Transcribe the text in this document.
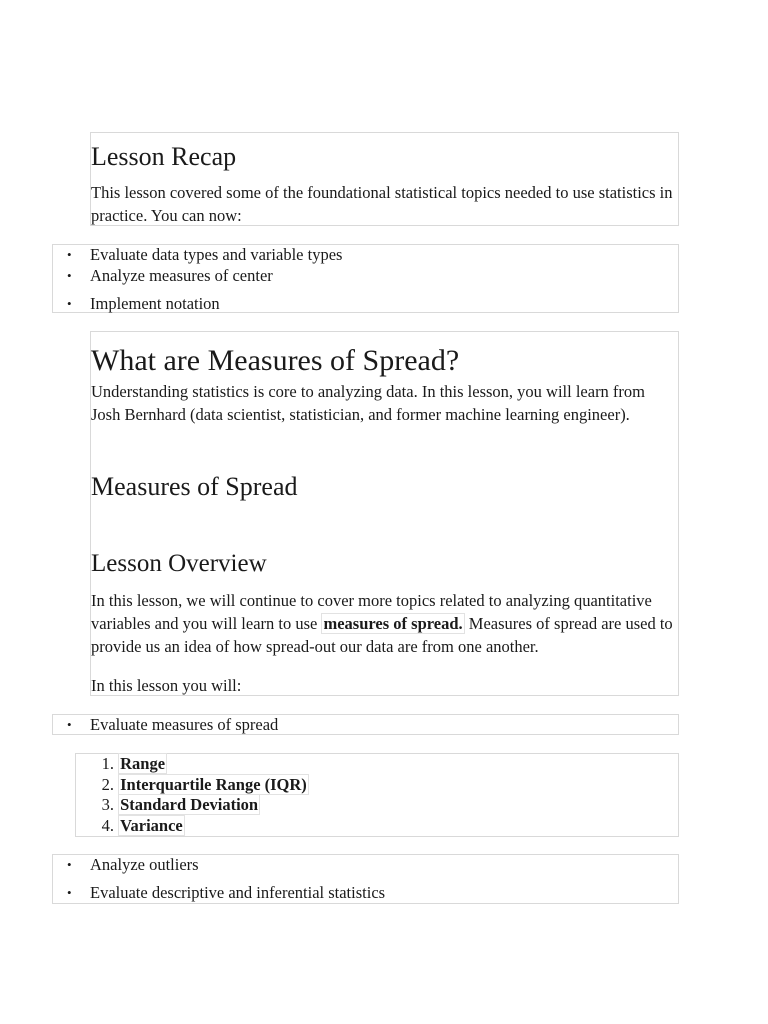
Lesson Recap

This lesson covered some of the foundational statistical topics needed to use statistics in practice. You can now:

• Evaluate data types and variable types
• Analyze measures of center
• Implement notation
What are Measures of Spread?

Understanding statistics is core to analyzing data. In this lesson, you will learn from Josh Bernhard (data scientist, statistician, and former machine learning engineer).

Measures of Spread
Lesson Overview

In this lesson, we will continue to cover more topics related to analyzing quantitative variables and you will learn to use measures of spread. Measures of spread are used to provide us an idea of how spread-out our data are from one another.

In this lesson you will:

• Evaluate measures of spread
1. Range
2. Interquartile Range (IQR)
3. Standard Deviation
4. Variance
• Analyze outliers
• Evaluate descriptive and inferential statistics
